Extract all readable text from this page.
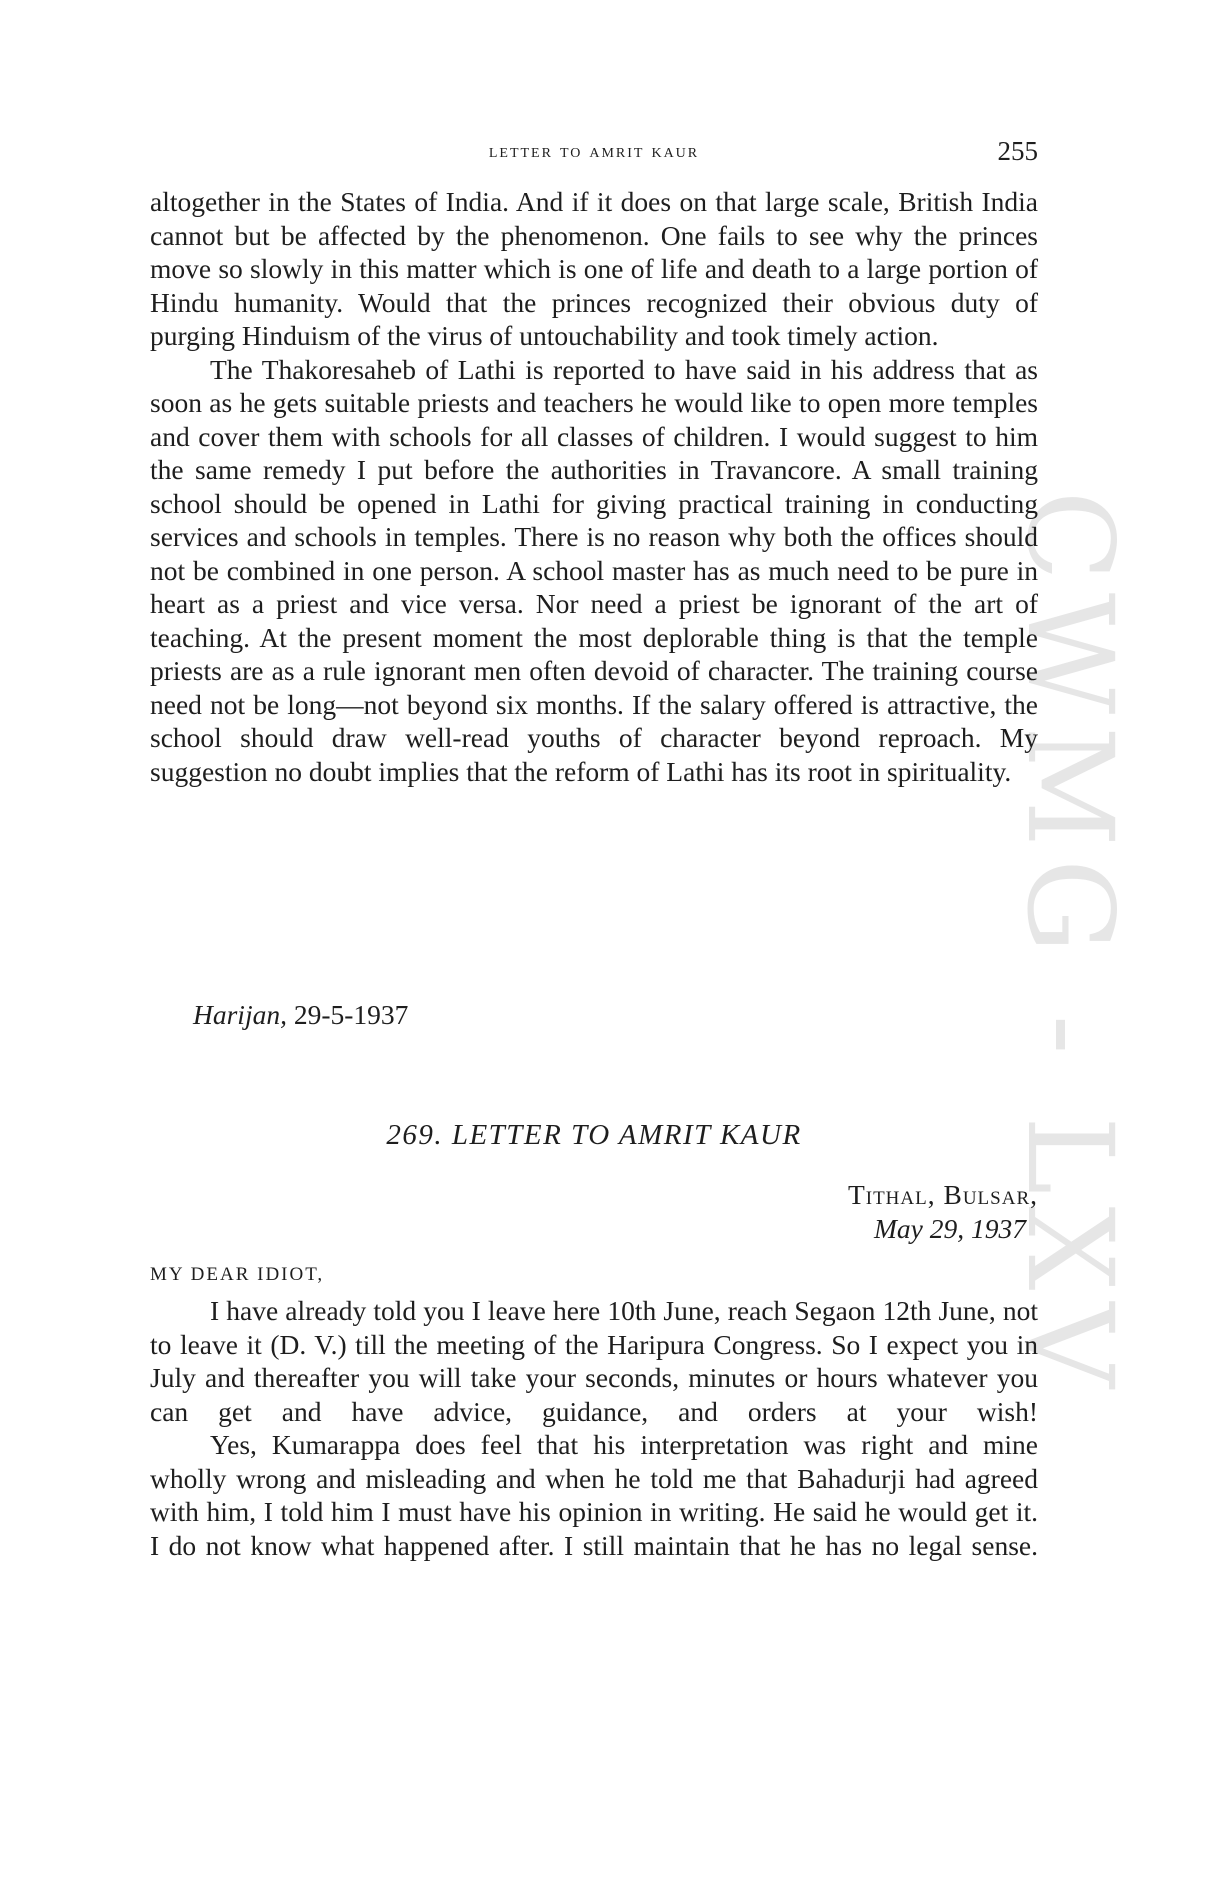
CWMG - LXV
letter to amrit kaur	255

altogether in the States of India. And if it does on that large scale, British India cannot but be affected by the phenomenon. One fails to see why the princes move so slowly in this matter which is one of life and death to a large portion of Hindu humanity. Would that the princes recognized their obvious duty of purging Hinduism of the virus of untouchability and took timely action.

The Thakoresaheb of Lathi is reported to have said in his address that as soon as he gets suitable priests and teachers he would like to open more temples and cover them with schools for all classes of children. I would suggest to him the same remedy I put before the authorities in Travancore. A small training school should be opened in Lathi for giving practical training in conducting services and schools in temples. There is no reason why both the offices should not be combined in one person. A school master has as much need to be pure in heart as a priest and vice versa. Nor need a priest be ignorant of the art of teaching. At the present moment the most deplorable thing is that the temple priests are as a rule ignorant men often devoid of character. The training course need not be long—not beyond six months. If the salary offered is attractive, the school should draw well-read youths of character beyond reproach. My suggestion no doubt implies that the reform of Lathi has its root in spirituality.

Harijan, 29-5-1937
269. LETTER TO AMRIT KAUR
Tithal, Bulsar,
May 29, 1937
MY DEAR IDIOT,

I have already told you I leave here 10th June, reach Segaon 12th June, not to leave it (D. V.) till the meeting of the Haripura Congress. So I expect you in July and thereafter you will take your seconds, minutes or hours whatever you can get and have advice, guidance, and orders at your wish!

Yes, Kumarappa does feel that his interpretation was right and mine wholly wrong and misleading and when he told me that Bahadurji had agreed with him, I told him I must have his opinion in writing. He said he would get it. I do not know what happened after. I still maintain that he has no legal sense.
